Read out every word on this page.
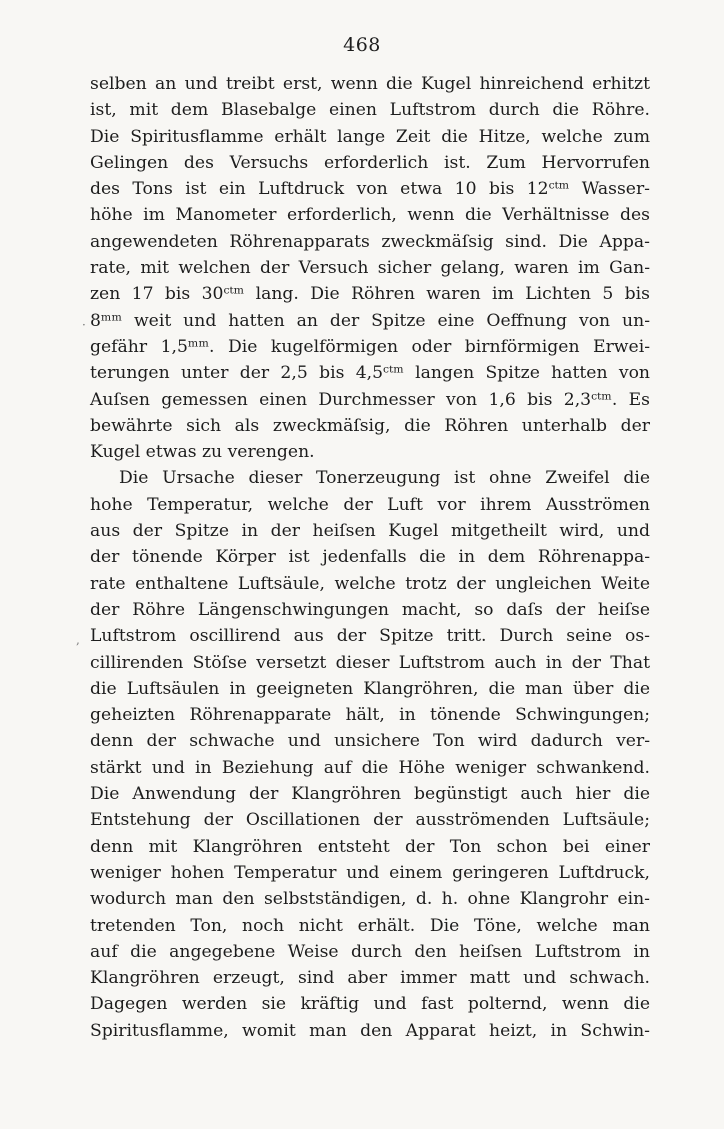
468
selben an und treibt erst, wenn die Kugel hinreichend erhitzt
ist, mit dem Blasebalge einen Luftstrom durch die Röhre.
Die Spiritusflamme erhält lange Zeit die Hitze, welche zum
Gelingen des Versuchs erforderlich ist. Zum Hervorrufen
des Tons ist ein Luftdruck von etwa 10 bis 12ᶜᵗᵐ Wasser-
höhe im Manometer erforderlich, wenn die Verhältnisse des
angewendeten Röhrenapparats zweckmäſsig sind. Die Appa-
rate, mit welchen der Versuch sicher gelang, waren im Gan-
zen 17 bis 30ᶜᵗᵐ lang. Die Röhren waren im Lichten 5 bis
8ᵐᵐ weit und hatten an der Spitze eine Oeffnung von un-
gefähr 1,5ᵐᵐ. Die kugelförmigen oder birnförmigen Erwei-
terungen unter der 2,5 bis 4,5ᶜᵗᵐ langen Spitze hatten von
Auſsen gemessen einen Durchmesser von 1,6 bis 2,3ᶜᵗᵐ. Es
bewährte sich als zweckmäſsig, die Röhren unterhalb der
Kugel etwas zu verengen.
Die Ursache dieser Tonerzeugung ist ohne Zweifel die
hohe Temperatur, welche der Luft vor ihrem Ausströmen
aus der Spitze in der heiſsen Kugel mitgetheilt wird, und
der tönende Körper ist jedenfalls die in dem Röhrenappa-
rate enthaltene Luftsäule, welche trotz der ungleichen Weite
der Röhre Längenschwingungen macht, so daſs der heiſse
Luftstrom oscillirend aus der Spitze tritt. Durch seine os-
cillirenden Stöſse versetzt dieser Luftstrom auch in der That
die Luftsäulen in geeigneten Klangröhren, die man über die
geheizten Röhrenapparate hält, in tönende Schwingungen;
denn der schwache und unsichere Ton wird dadurch ver-
stärkt und in Beziehung auf die Höhe weniger schwankend.
Die Anwendung der Klangröhren begünstigt auch hier die
Entstehung der Oscillationen der ausströmenden Luftsäule;
denn mit Klangröhren entsteht der Ton schon bei einer
weniger hohen Temperatur und einem geringeren Luftdruck,
wodurch man den selbstständigen, d. h. ohne Klangrohr ein-
tretenden Ton, noch nicht erhält. Die Töne, welche man
auf die angegebene Weise durch den heiſsen Luftstrom in
Klangröhren erzeugt, sind aber immer matt und schwach.
Dagegen werden sie kräftig und fast polternd, wenn die
Spiritusflamme, womit man den Apparat heizt, in Schwin-
·
,
